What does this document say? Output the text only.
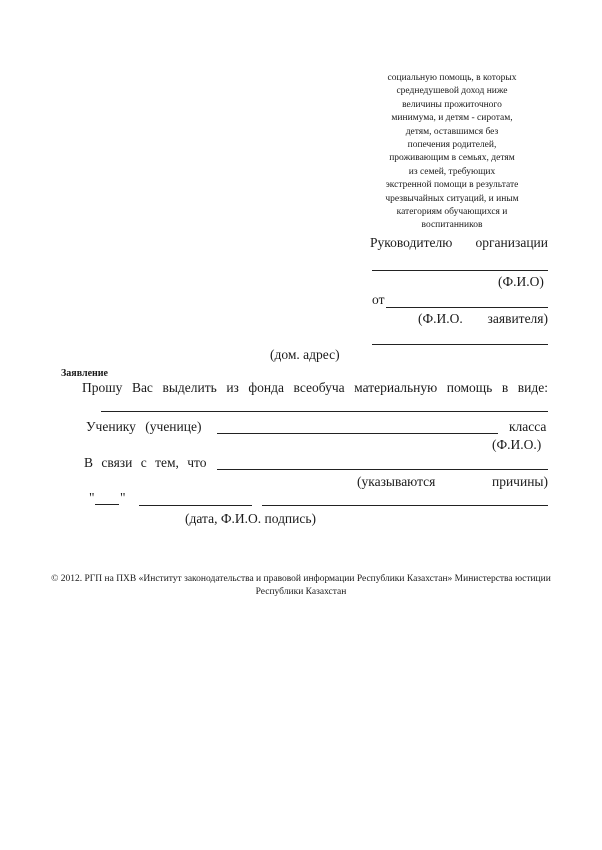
социальную помощь, в которых
среднедушевой доход ниже
величины прожиточного
минимума, и детям - сиротам,
детям, оставшимся без
попечения родителей,
проживающим в семьях, детям
из семей, требующих
экстренной помощи в результате
чрезвычайных ситуаций, и иным
категориям обучающихся и
воспитанников
Руководителю организации
(Ф.И.О)
от
(Ф.И.О. заявителя)
(дом. адрес)
Заявление
Прошу Вас выделить из фонда всеобуча материальную помощь в виде:
Ученику (ученице)	класса
(Ф.И.О.)
В связи с тем, что
(указываются	причины)
" "
(дата, Ф.И.О. подпись)
© 2012. РГП на ПХВ «Институт законодательства и правовой информации Республики Казахстан» Министерства юстиции
Республики Казахстан
